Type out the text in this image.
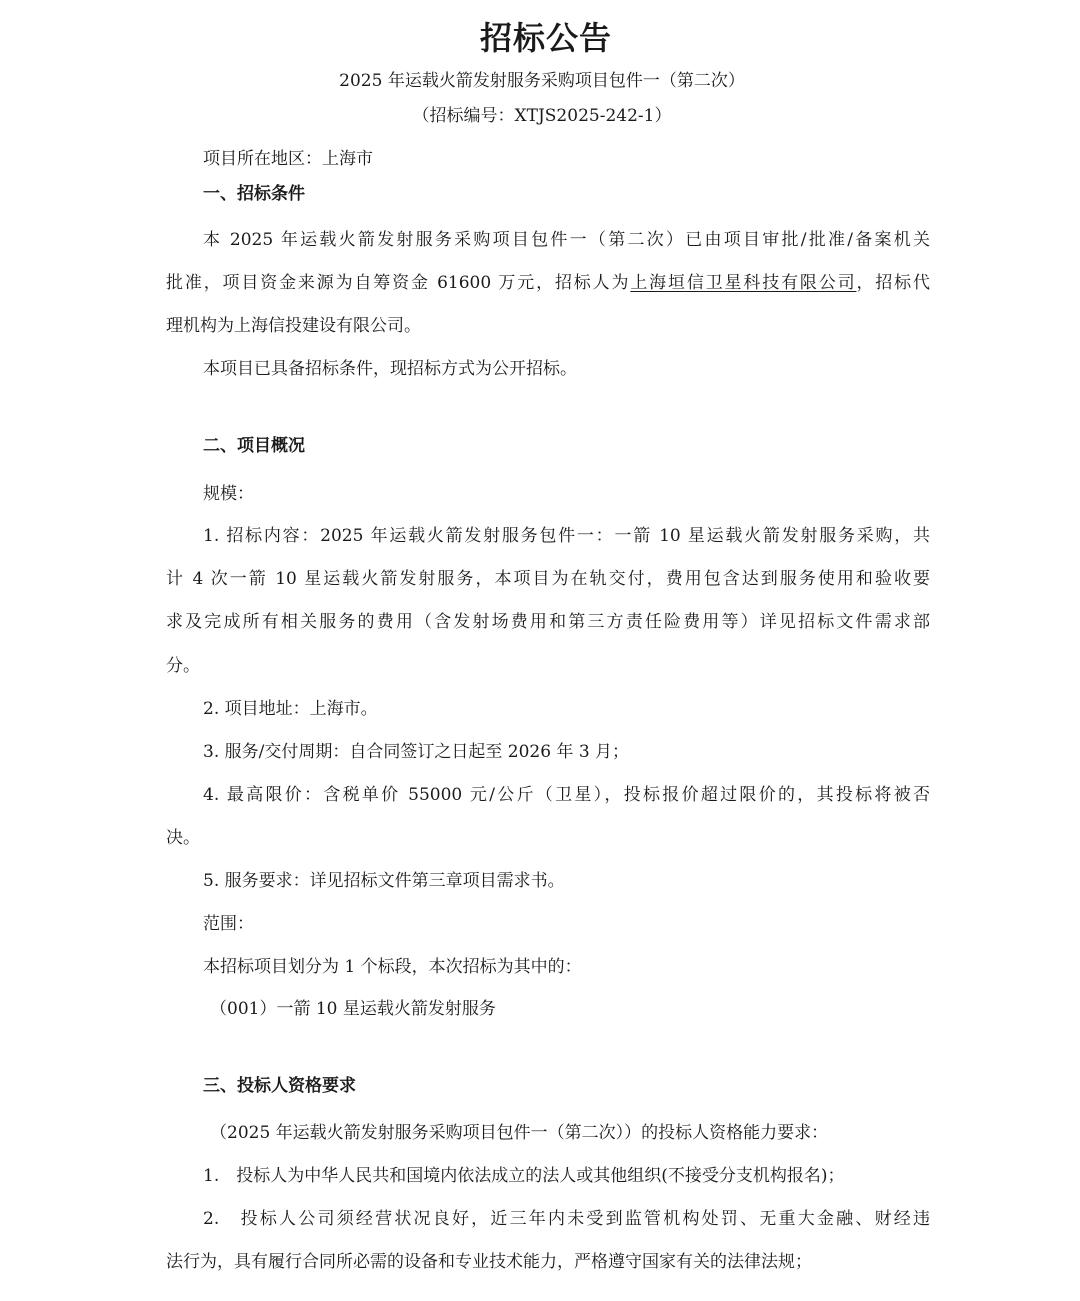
招标公告
2025 年运载火箭发射服务采购项目包件一（第二次）
（招标编号：XTJS2025-242-1）
项目所在地区：上海市
一、招标条件
本 2025 年运载火箭发射服务采购项目包件一（第二次）已由项目审批/批准/备案机关
批准，项目资金来源为自筹资金 61600 万元，招标人为上海垣信卫星科技有限公司，招标代
理机构为上海信投建设有限公司。
本项目已具备招标条件，现招标方式为公开招标。
二、项目概况
规模：
1. 招标内容：2025 年运载火箭发射服务包件一：一箭 10 星运载火箭发射服务采购，共
计 4 次一箭 10 星运载火箭发射服务，本项目为在轨交付，费用包含达到服务使用和验收要
求及完成所有相关服务的费用（含发射场费用和第三方责任险费用等）详见招标文件需求部
分。
2. 项目地址：上海市。
3. 服务/交付周期：自合同签订之日起至 2026 年 3 月；
4. 最高限价：含税单价 55000 元/公斤（卫星），投标报价超过限价的，其投标将被否
决。
5. 服务要求：详见招标文件第三章项目需求书。
范围：
本招标项目划分为 1 个标段，本次招标为其中的：
（001）一箭 10 星运载火箭发射服务
三、投标人资格要求
（2025 年运载火箭发射服务采购项目包件一（第二次））的投标人资格能力要求：
1.　投标人为中华人民共和国境内依法成立的法人或其他组织(不接受分支机构报名)；
2.　投标人公司须经营状况良好，近三年内未受到监管机构处罚、无重大金融、财经违
法行为，具有履行合同所必需的设备和专业技术能力，严格遵守国家有关的法律法规；
